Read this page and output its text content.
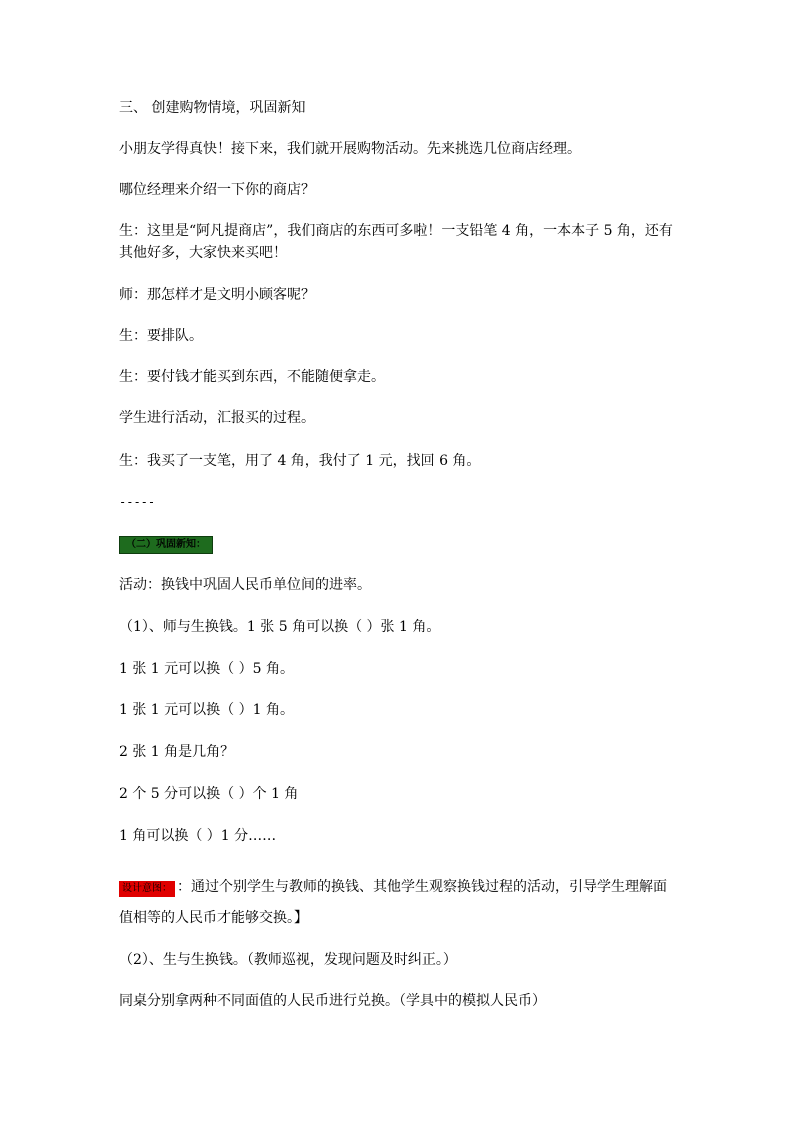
三、 创建购物情境，巩固新知
小朋友学得真快！接下来，我们就开展购物活动。先来挑选几位商店经理。
哪位经理来介绍一下你的商店？
生：这里是“阿凡提商店”，我们商店的东西可多啦！一支铅笔 4 角，一本本子 5 角，还有
其他好多，大家快来买吧！
师：那怎样才是文明小顾客呢？
生：要排队。
生：要付钱才能买到东西，不能随便拿走。
学生进行活动，汇报买的过程。
生：我买了一支笔，用了 4 角，我付了 1 元，找回 6 角。
-----
（二）巩固新知：
活动：换钱中巩固人民币单位间的进率。
（1）、师与生换钱。1 张 5 角可以换（ ）张 1 角。
1 张 1 元可以换（ ）5 角。
1 张 1 元可以换（ ）1 角。
2 张 1 角是几角？
2 个 5 分可以换（ ）个 1 角
1 角可以换（ ）1 分……
设计意图： ：通过个别学生与教师的换钱、其他学生观察换钱过程的活动，引导学生理解面
值相等的人民币才能够交换。】
（2）、生与生换钱。（教师巡视，发现问题及时纠正。）
同桌分别拿两种不同面值的人民币进行兑换。（学具中的模拟人民币）
